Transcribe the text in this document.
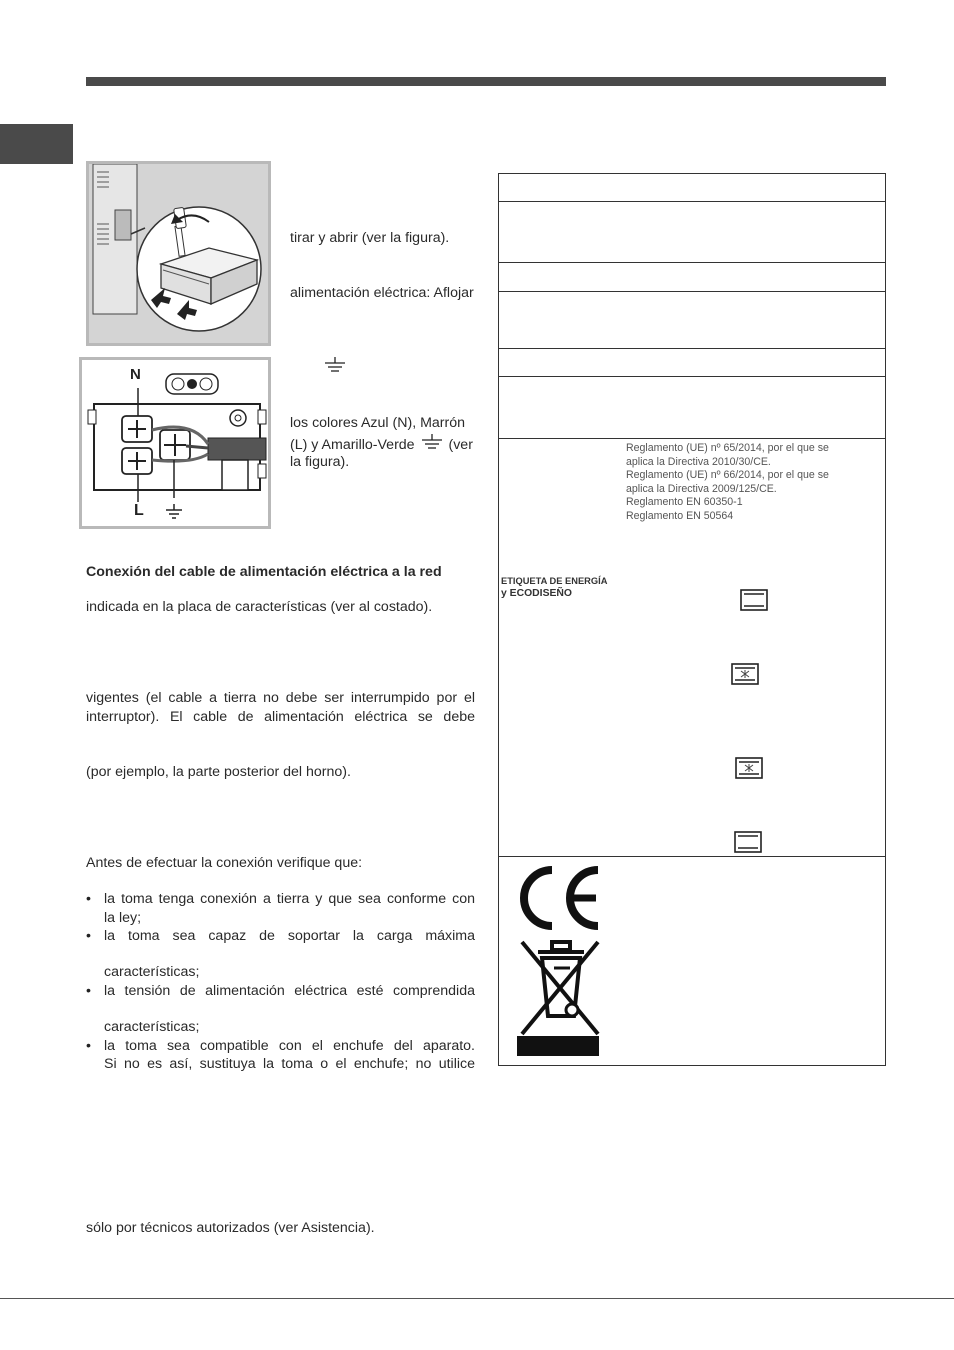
N
L
tirar y abrir (ver la figura).
alimentación eléctrica: Aflojar
los colores Azul (N), Marrón
(L) y Amarillo-Verde (ver
la figura).
Conexión del cable de alimentación eléctrica a la red
indicada en la placa de características (ver al costado).
vigentes (el cable a tierra no debe ser interrumpido por el
interruptor). El cable de alimentación eléctrica se debe
(por ejemplo, la parte posterior del horno).
Antes de efectuar la conexión verifique que:
• la toma tenga conexión a tierra y que sea conforme con
la ley;
• la toma sea capaz de soportar la carga máxima
características;
• la tensión de alimentación eléctrica esté comprendida
características;
• la toma sea compatible con el enchufe del aparato.
Si no es así, sustituya la toma o el enchufe; no utilice
sólo por técnicos autorizados (ver Asistencia).
Reglamento (UE) nº 65/2014, por el que se
aplica la Directiva 2010/30/CE.
Reglamento (UE) nº 66/2014, por el que se
aplica la Directiva 2009/125/CE.
Reglamento EN 60350-1
Reglamento EN 50564
ETIQUETA DE ENERGÍA
y ECODISEÑO
